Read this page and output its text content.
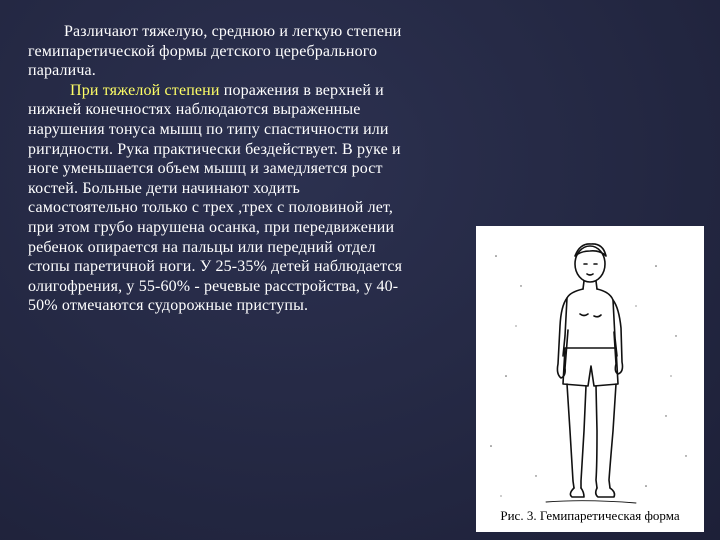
Различают тяжелую, среднюю и легкую степени
гемипаретической формы детского церебрального
паралича.
При тяжелой степени поражения в верхней и
нижней конечностях наблюдаются выраженные
нарушения тонуса мышц по типу спастичности или
ригидности. Рука практически бездействует. В руке и
ноге уменьшается объем мышц и замедляется рост
костей. Больные дети начинают ходить
самостоятельно только с трех ,трех с половиной лет,
при этом грубо нарушена осанка, при передвижении
ребенок опирается на пальцы или передний отдел
стопы паретичной ноги. У 25-35% детей наблюдается
олигофрения, у 55-60% - речевые расстройства, у 40-
50% отмечаются судорожные приступы.
Рис. 3. Гемипаретическая форма
